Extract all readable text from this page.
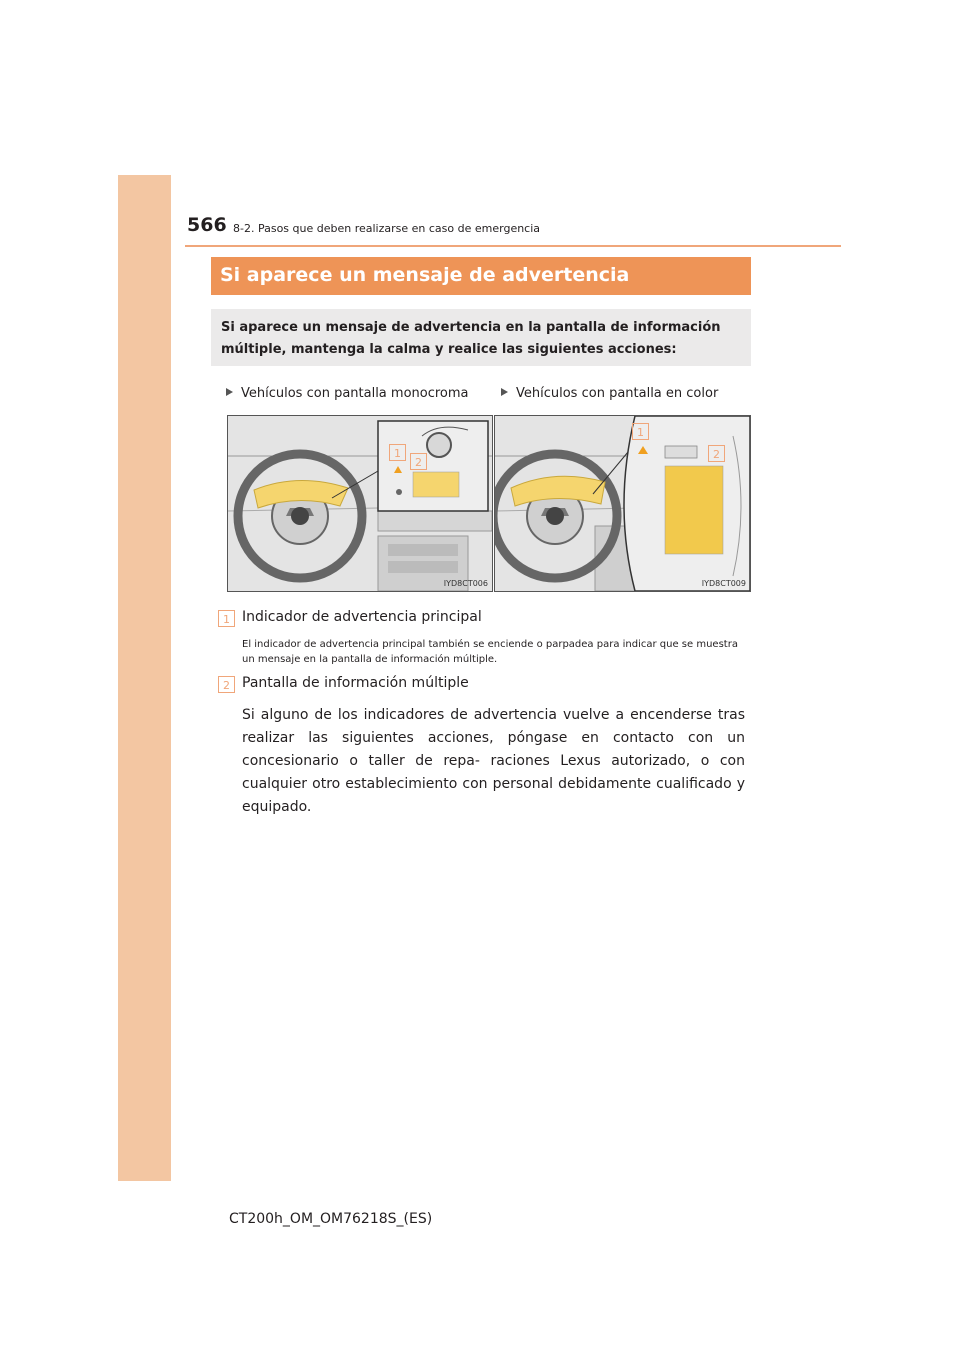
566 8-2. Pasos que deben realizarse en caso de emergencia
Si aparece un mensaje de advertencia
Si aparece un mensaje de advertencia en la pantalla de información múltiple, mantenga la calma y realice las siguientes acciones:
Vehículos con pantalla monocroma	Vehículos con pantalla en color
1
2
IYD8CT006
1
2
IYD8CT009
1 Indicador de advertencia principal
El indicador de advertencia principal también se enciende o parpadea para indicar que se muestra un mensaje en la pantalla de información múltiple.
2 Pantalla de información múltiple
Si alguno de los indicadores de advertencia vuelve a encenderse tras realizar las siguientes acciones, póngase en contacto con un concesionario o taller de repa- raciones Lexus autorizado, o con cualquier otro establecimiento con personal debidamente cualificado y equipado.
CT200h_OM_OM76218S_(ES)
